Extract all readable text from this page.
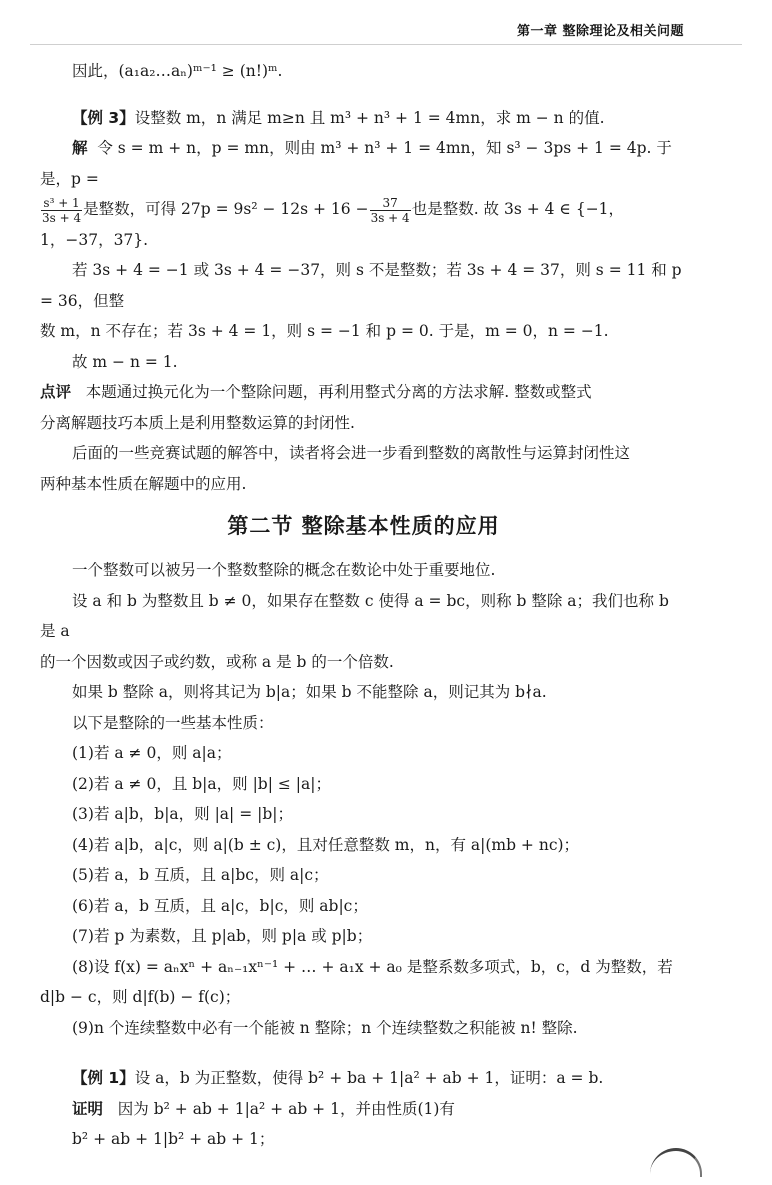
第一章 整除理论及相关问题

因此，(a₁a₂…aₙ)ᵐ⁻¹ ≥ (n!)ᵐ.

【例 3】设整数 m，n 满足 m≥n 且 m³ + n³ + 1 = 4mn，求 m − n 的值.

解 令 s = m + n，p = mn，则由 m³ + n³ + 1 = 4mn，知 s³ − 3ps + 1 = 4p. 于是，p =

$\frac{\text{s³ + 1}}{3s + 4}$ 是整数，可得 $27p = 9s^2 - 12s + 16 - \frac{37}{3s + 4}$ 也是整数. 故 3s + 4 ∈ {−1，1，−37，37}.

若 3s + 4 = −1 或 3s + 4 = −37，则 s 不是整数；若 3s + 4 = 37，则 s = 11 和 p = 36，但整

数 m，n 不存在；若 3s + 4 = 1，则 s = −1 和 p = 0. 于是，m = 0，n = −1.

故 m − n = 1.

点评 本题通过换元化为一个整除问题，再利用整式分离的方法求解. 整数或整式

分离解题技巧本质上是利用整数运算的封闭性.

后面的一些竞赛试题的解答中，读者将会进一步看到整数的离散性与运算封闭性这

两种基本性质在解题中的应用.

第二节 整除基本性质的应用

一个整数可以被另一个整数整除的概念在数论中处于重要地位.

设 a 和 b 为整数且 b ≠ 0，如果存在整数 c 使得 a = bc，则称 b 整除 a；我们也称 b 是 a

的一个因数或因子或约数，或称 a 是 b 的一个倍数.

如果 b 整除 a，则将其记为 b|a；如果 b 不能整除 a，则记其为 b∤a.

以下是整除的一些基本性质：

(1)若 a ≠ 0，则 a|a；

(2)若 a ≠ 0，且 b|a，则 |b| ≤ |a|；

(3)若 a|b，b|a，则 |a| = |b|；

(4)若 a|b，a|c，则 a|(b ± c)，且对任意整数 m，n，有 a|(mb + nc)；

(5)若 a，b 互质，且 a|bc，则 a|c；

(6)若 a，b 互质，且 a|c，b|c，则 ab|c；

(7)若 p 为素数，且 p|ab，则 p|a 或 p|b；

(8)设 f(x) = aₙxⁿ + aₙ₋₁xⁿ⁻¹ + … + a₁x + a₀ 是整系数多项式，b，c，d 为整数，若

d|b − c，则 d|f(b) − f(c)；

(9)n 个连续整数中必有一个能被 n 整除；n 个连续整数之积能被 n! 整除.

【例 1】设 a，b 为正整数，使得 b² + ba + 1|a² + ab + 1，证明：a = b.

证明 因为 b² + ab + 1|a² + ab + 1，并由性质(1)有

b² + ab + 1|b² + ab + 1；
